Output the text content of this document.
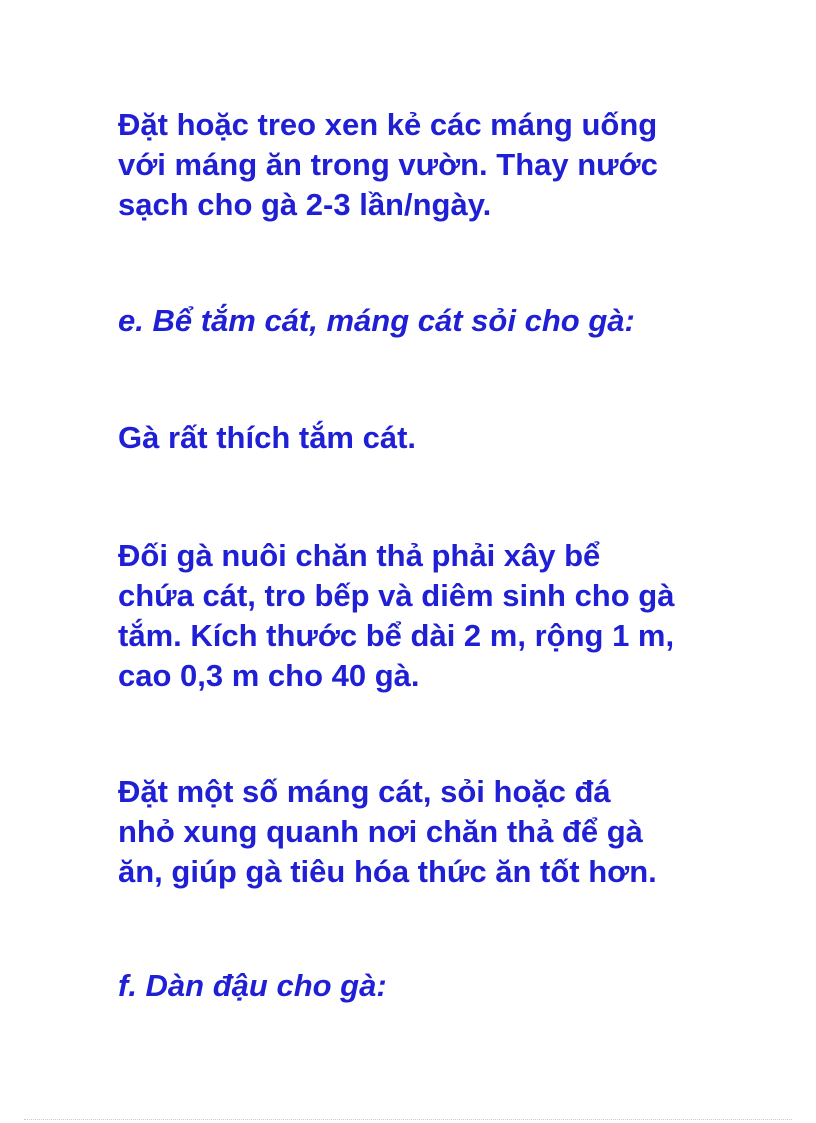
Đặt hoặc treo xen kẻ các máng uống
với máng ăn trong vườn. Thay nước
sạch cho gà 2-3 lần/ngày.
e. Bể tắm cát, máng cát sỏi cho gà:
Gà rất thích tắm cát.
Đối gà nuôi chăn thả phải xây bể
chứa cát, tro bếp và diêm sinh cho gà
tắm. Kích thước bể dài 2 m, rộng 1 m,
cao 0,3 m cho 40 gà.
Đặt một số máng cát, sỏi hoặc đá
nhỏ xung quanh nơi chăn thả để gà
ăn, giúp gà tiêu hóa thức ăn tốt hơn.
f. Dàn đậu cho gà:
